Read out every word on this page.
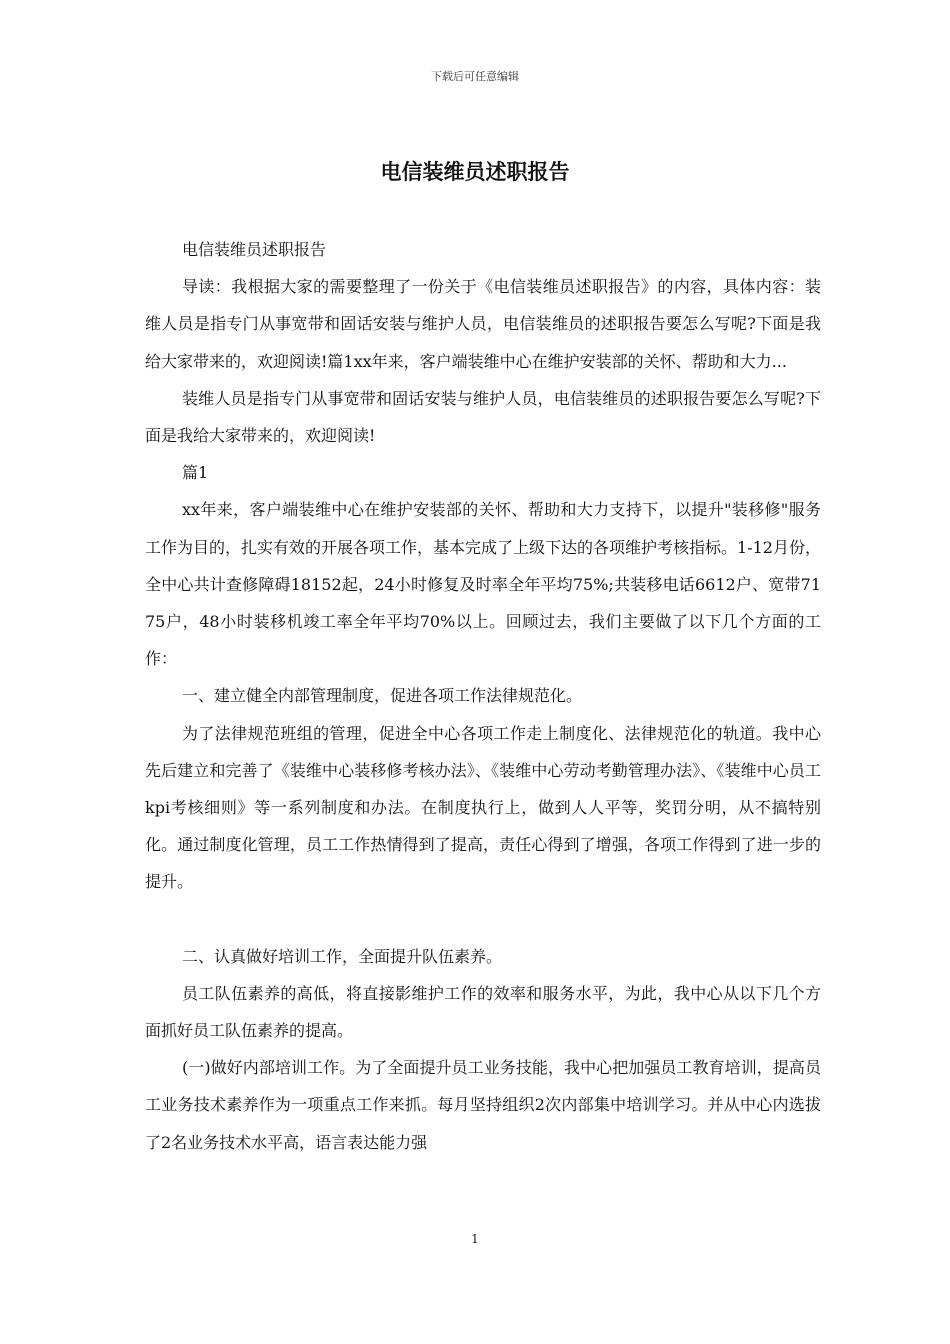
下载后可任意编辑
电信装维员述职报告

电信装维员述职报告

导读：我根据大家的需要整理了一份关于《电信装维员述职报告》的内容，具体内容：装维人员是指专门从事宽带和固话安装与维护人员，电信装维员的述职报告要怎么写呢?下面是我给大家带来的，欢迎阅读!篇1xx年来，客户端装维中心在维护安装部的关怀、帮助和大力...

装维人员是指专门从事宽带和固话安装与维护人员，电信装维员的述职报告要怎么写呢?下面是我给大家带来的，欢迎阅读!

篇1

xx年来，客户端装维中心在维护安装部的关怀、帮助和大力支持下，以提升"装移修"服务工作为目的，扎实有效的开展各项工作，基本完成了上级下达的各项维护考核指标。1-12月份，全中心共计查修障碍18152起，24小时修复及时率全年平均75%;共装移电话6612户、宽带7175户，48小时装移机竣工率全年平均70%以上。回顾过去，我们主要做了以下几个方面的工作：

一、建立健全内部管理制度，促进各项工作法律规范化。

为了法律规范班组的管理，促进全中心各项工作走上制度化、法律规范化的轨道。我中心先后建立和完善了《装维中心装移修考核办法》、《装维中心劳动考勤管理办法》、《装维中心员工kpi考核细则》等一系列制度和办法。在制度执行上，做到人人平等，奖罚分明，从不搞特别化。通过制度化管理，员工工作热情得到了提高，责任心得到了增强，各项工作得到了进一步的提升。

二、认真做好培训工作，全面提升队伍素养。

员工队伍素养的高低，将直接影维护工作的效率和服务水平，为此，我中心从以下几个方面抓好员工队伍素养的提高。

(一)做好内部培训工作。为了全面提升员工业务技能，我中心把加强员工教育培训，提高员工业务技术素养作为一项重点工作来抓。每月坚持组织2次内部集中培训学习。并从中心内选拔了2名业务技术水平高，语言表达能力强

1
